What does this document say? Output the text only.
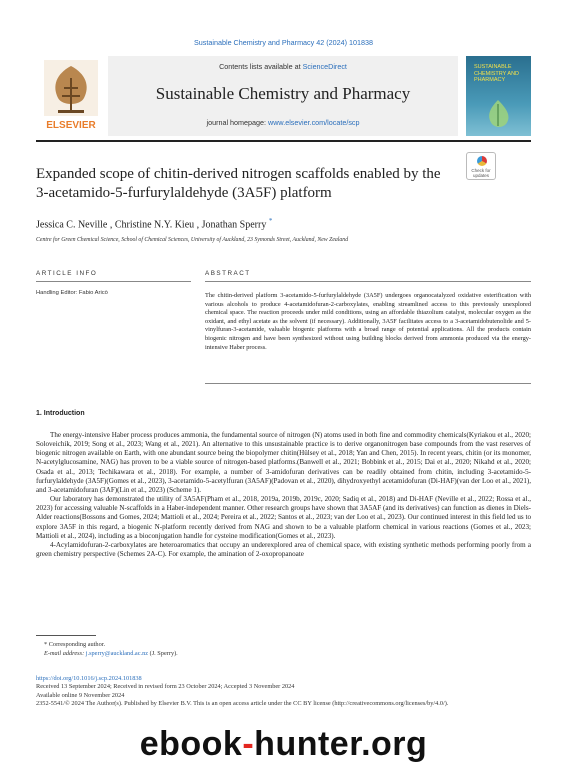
Sustainable Chemistry and Pharmacy 42 (2024) 101838
ELSEVIER
Contents lists available at ScienceDirect
Sustainable Chemistry and Pharmacy
journal homepage: www.elsevier.com/locate/scp
SUSTAINABLE CHEMISTRY AND PHARMACY
Check for updates
Expanded scope of chitin-derived nitrogen scaffolds enabled by the 3-acetamido-5-furfurylaldehyde (3A5F) platform
Jessica C. Neville , Christine N.Y. Kieu , Jonathan Sperry *
Centre for Green Chemical Science, School of Chemical Sciences, University of Auckland, 23 Symonds Street, Auckland, New Zealand
ARTICLE INFO	ABSTRACT
Handling Editor: Fabio Aricò	The chitin-derived platform 3-acetamido-5-furfurylaldehyde (3A5F) undergoes organocatalyzed oxidative esterification with various alcohols to produce 4-acetamidofuran-2-carboxylates, enabling streamlined access to this previously unexplored chemical space. The reaction proceeds under mild conditions, using an affordable thiazolium catalyst, molecular oxygen as the oxidant, and ethyl acetate as the solvent (if necessary). Additionally, 3A5F facilitates access to a 3-acetamidobutenolide and 5-vinylfuran-3-acetamide, valuable biogenic platforms with a broad range of potential applications. All the products contain biogenic nitrogen and have been synthesized without using building blocks derived from ammonia produced via the energy-intensive Haber process.
1. Introduction

The energy-intensive Haber process produces ammonia, the fundamental source of nitrogen (N) atoms used in both fine and commodity chemicals(Kyriakou et al., 2020; Soloveichik, 2019; Song et al., 2023; Wang et al., 2021). An alternative to this unsustainable practice is to derive organonitrogen base compounds from the vast reserves of biogenic nitrogen available on Earth, with one abundant source being the biopolymer chitin(Hülsey et al., 2018; Yan and Chen, 2015). In recent years, chitin (or its monomer, N-acetylglucosamine, NAG) has proven to be a viable source of nitrogen-based platforms.(Banwell et al., 2021; Bobbink et al., 2015; Dai et al., 2020; Nikahd et al., 2020; Osada et al., 2013; Techikawara et al., 2018). For example, a number of 3-amidofuran derivatives can be readily obtained from chitin, including 3-acetamido-5-furfurylaldehyde (3A5F)(Gomes et al., 2023), 3-acetamido-5-acetylfuran (3A5AF)(Padovan et al., 2020), dihydroxyethyl acetamidofuran (Di-HAF)(van der Loo et al., 2021), and 3-acetamidofuran (3AF)(Lin et al., 2023) (Scheme 1).

Our laboratory has demonstrated the utility of 3A5AF(Pham et al., 2018, 2019a, 2019b, 2019c, 2020; Sadiq et al., 2018) and Di-HAF (Neville et al., 2022; Rossa et al., 2023) for accessing valuable N-scaffolds in a Haber-independent manner. Other research groups have shown that 3A5AF (and its derivatives) can function as dienes in Diels-Alder reactions(Bossons and Gomes, 2024; Mattioli et al., 2024; Pereira et al., 2022; Santos et al., 2023; van der Loo et al., 2023). Our continued interest in this field led us to explore 3A5F in this regard, a biogenic N-platform recently derived from NAG and shown to be a valuable platform chemical in various reactions (Gomes et al., 2023; Mattioli et al., 2024), including as a bioconjugation handle for cysteine modification(Gomes et al., 2023).

4-Acylamidofuran-2-carboxylates are heteroaromatics that occupy an underexplored area of chemical space, with existing synthetic methods performing poorly from a green chemistry perspective (Schemes 2A-C). For example, the amination of 2-oxopropanoate

* Corresponding author.
E-mail address: j.sperry@auckland.ac.nz (J. Sperry).
https://doi.org/10.1016/j.scp.2024.101838
Received 13 September 2024; Received in revised form 23 October 2024; Accepted 3 November 2024
Available online 9 November 2024
2352-5541/© 2024 The Author(s). Published by Elsevier B.V. This is an open access article under the CC BY license (http://creativecommons.org/licenses/by/4.0/).
ebook-hunter.org
